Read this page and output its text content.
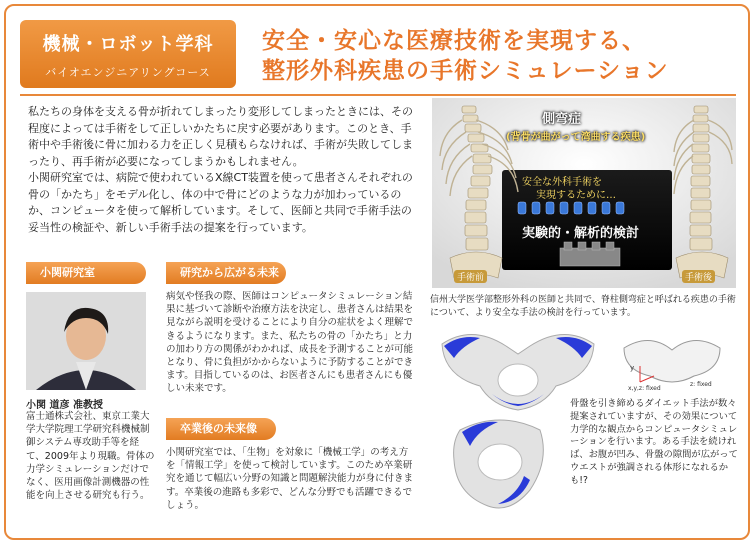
機械・ロボット学科
バイオエンジニアリングコース
安全・安心な医療技術を実現する、
整形外科疾患の手術シミュレーション

私たちの身体を支える骨が折れてしまったり変形してしまったときには、その程度によっては手術をして正しいかたちに戻す必要があります。このとき、手術中や手術後に骨に加わる力を正しく見積もらなければ、手術が失敗してしまったり、再手術が必要になってしまうかもしれません。

小関研究室では、病院で使われているX線CT装置を使って患者さんそれぞれの骨の「かたち」をモデル化し、体の中で骨にどのような力が加わっているのか、コンピュータを使って解析しています。そして、医師と共同で手術手法の妥当性の検証や、新しい手術手法の提案を行っています。

小関研究室	研究から広がる未来
卒業後の未来像
小関 道彦 准教授
富士通株式会社、東京工業大学大学院理工学研究科機械制御システム専攻助手等を経て、2009年より現職。骨体の力学シミュレーションだけでなく、医用画像計測機器の性能を向上させる研究も行う。
病気や怪我の際、医師はコンピュータシミュレーション結果に基づいて診断や治療方法を決定し、患者さんは結果を見ながら説明を受けることにより自分の症状をよく理解できるようになります。また、私たちの骨の「かたち」と力の加わり方の関係がわかれば、成長を予測することが可能となり、骨に負担がかからないように予防することができます。目指しているのは、お医者さんにも患者さんにも優しい未来です。
小関研究室では、「生物」を対象に「機械工学」の考え方を「情報工学」を使って検討しています。このため卒業研究を通じて幅広い分野の知識と問題解決能力が身に付きます。卒業後の進路も多彩で、どんな分野でも活躍できるでしょう。
側弯症
(背骨が曲がって湾曲する疾患)
安全な外科手術を
実現するために…
実験的・解析的検討
手術前	手術後
信州大学医学部整形外科の医師と共同で、脊柱側弯症と呼ばれる疾患の手術について、より安全な手法の検討を行っています。
y
z: fixed
x,y,z: fixed
骨盤を引き締めるダイエット手法が数々提案されていますが、その効果について力学的な観点からコンピュータシミュレーションを行います。ある手法を続ければ、お腹が凹み、骨盤の隙間が広がってウエストが強調される体形になれるかも!?
